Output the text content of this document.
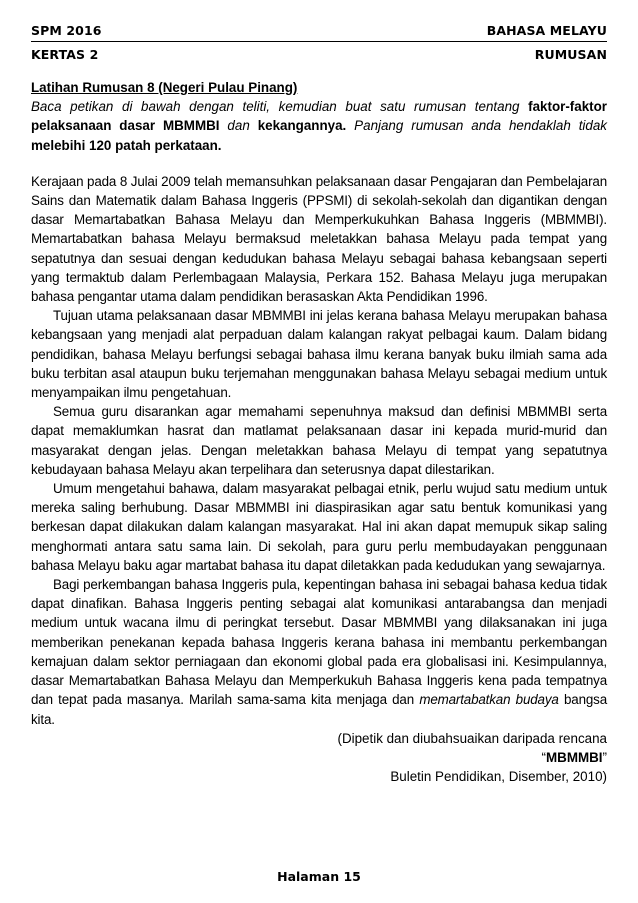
SPM 2016	BAHASA MELAYU
KERTAS 2	RUMUSAN

Latihan Rumusan 8 (Negeri Pulau Pinang)

Baca petikan di bawah dengan teliti, kemudian buat satu rumusan tentang faktor-faktor pelaksanaan dasar MBMMBI dan kekangannya. Panjang rumusan anda hendaklah tidak melebihi 120 patah perkataan.

Kerajaan pada 8 Julai 2009 telah memansuhkan pelaksanaan dasar Pengajaran dan Pembelajaran Sains dan Matematik dalam Bahasa Inggeris (PPSMI) di sekolah-sekolah dan digantikan dengan dasar Memartabatkan Bahasa Melayu dan Memperkukuhkan Bahasa Inggeris (MBMMBI). Memartabatkan bahasa Melayu bermaksud meletakkan bahasa Melayu pada tempat yang sepatutnya dan sesuai dengan kedudukan bahasa Melayu sebagai bahasa kebangsaan seperti yang termaktub dalam Perlembagaan Malaysia, Perkara 152. Bahasa Melayu juga merupakan bahasa pengantar utama dalam pendidikan berasaskan Akta Pendidikan 1996.

Tujuan utama pelaksanaan dasar MBMMBI ini jelas kerana bahasa Melayu merupakan bahasa kebangsaan yang menjadi alat perpaduan dalam kalangan rakyat pelbagai kaum. Dalam bidang pendidikan, bahasa Melayu berfungsi sebagai bahasa ilmu kerana banyak buku ilmiah sama ada buku terbitan asal ataupun buku terjemahan menggunakan bahasa Melayu sebagai medium untuk menyampaikan ilmu pengetahuan.

Semua guru disarankan agar memahami sepenuhnya maksud dan definisi MBMMBI serta dapat memaklumkan hasrat dan matlamat pelaksanaan dasar ini kepada murid-murid dan masyarakat dengan jelas. Dengan meletakkan bahasa Melayu di tempat yang sepatutnya kebudayaan bahasa Melayu akan terpelihara dan seterusnya dapat dilestarikan.

Umum mengetahui bahawa, dalam masyarakat pelbagai etnik, perlu wujud satu medium untuk mereka saling berhubung. Dasar MBMMBI ini diaspirasikan agar satu bentuk komunikasi yang berkesan dapat dilakukan dalam kalangan masyarakat. Hal ini akan dapat memupuk sikap saling menghormati antara satu sama lain. Di sekolah, para guru perlu membudayakan penggunaan bahasa Melayu baku agar martabat bahasa itu dapat diletakkan pada kedudukan yang sewajarnya.

Bagi perkembangan bahasa Inggeris pula, kepentingan bahasa ini sebagai bahasa kedua tidak dapat dinafikan. Bahasa Inggeris penting sebagai alat komunikasi antarabangsa dan menjadi medium untuk wacana ilmu di peringkat tersebut. Dasar MBMMBI yang dilaksanakan ini juga memberikan penekanan kepada bahasa Inggeris kerana bahasa ini membantu perkembangan kemajuan dalam sektor perniagaan dan ekonomi global pada era globalisasi ini. Kesimpulannya, dasar Memartabatkan Bahasa Melayu dan Memperkukuh Bahasa Inggeris kena pada tempatnya dan tepat pada masanya. Marilah sama-sama kita menjaga dan memartabatkan budaya bangsa kita.

(Dipetik dan diubahsuaikan daripada rencana

“MBMMBI”

Buletin Pendidikan, Disember, 2010)

Halaman 15
